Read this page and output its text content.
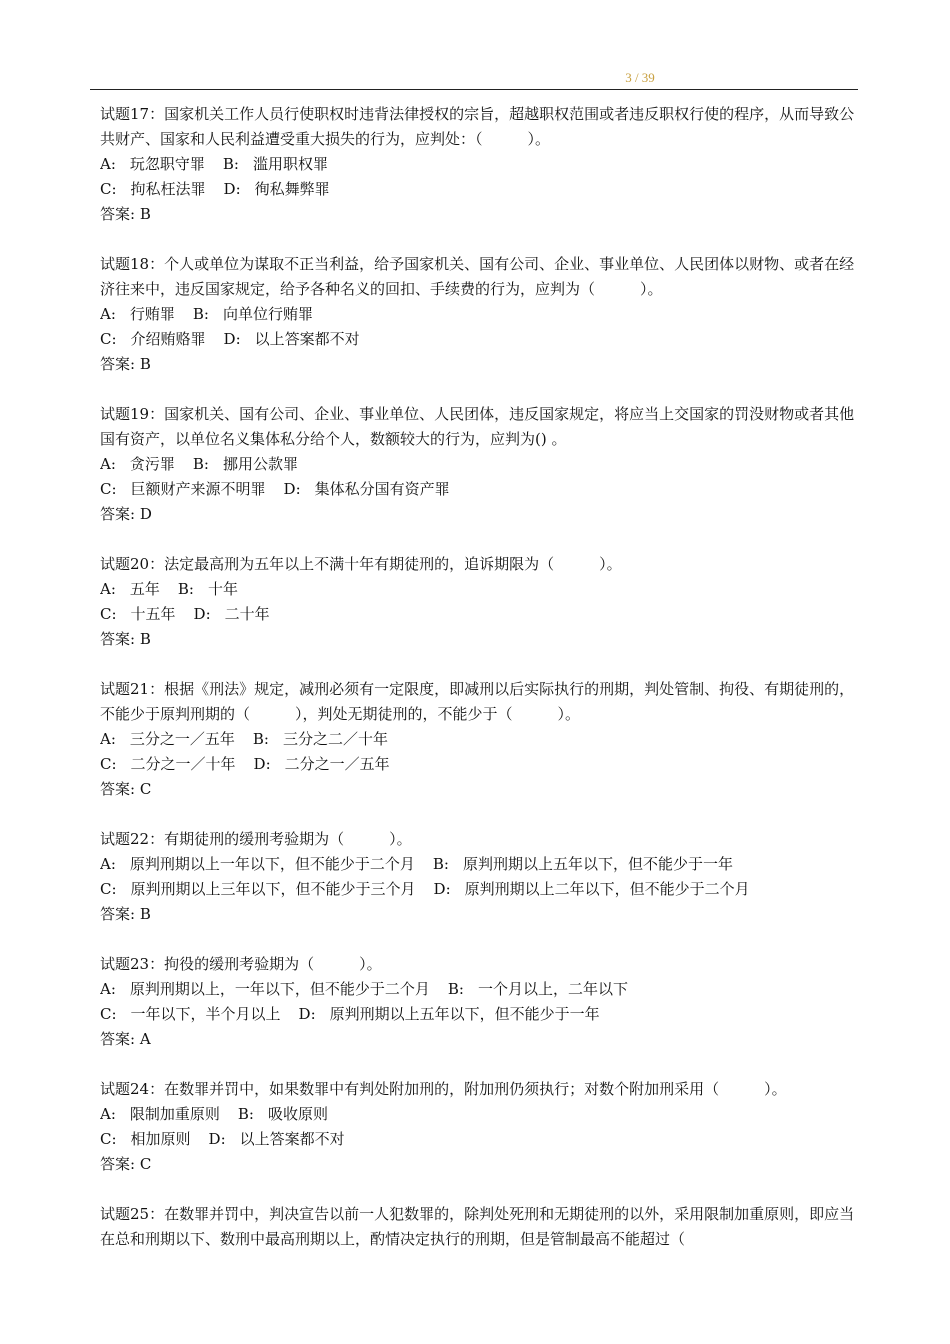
3 / 39
试题17：国家机关工作人员行使职权时违背法律授权的宗旨，超越职权范围或者违反职权行使的程序，从而导致公共财产、国家和人民利益遭受重大损失的行为，应判处：（　　　）。
A: 玩忽职守罪 B: 滥用职权罪
C: 拘私枉法罪 D: 徇私舞弊罪
答案: B
试题18：个人或单位为谋取不正当利益，给予国家机关、国有公司、企业、事业单位、人民团体以财物、或者在经济往来中，违反国家规定，给予各种名义的回扣、手续费的行为，应判为（　　　）。
A: 行贿罪 B: 向单位行贿罪
C: 介绍贿赂罪 D: 以上答案都不对
答案: B
试题19：国家机关、国有公司、企业、事业单位、人民团体，违反国家规定，将应当上交国家的罚没财物或者其他国有资产，以单位名义集体私分给个人，数额较大的行为，应判为() 。
A: 贪污罪 B: 挪用公款罪
C: 巨额财产来源不明罪 D: 集体私分国有资产罪
答案: D
试题20：法定最高刑为五年以上不满十年有期徒刑的，追诉期限为（　　　）。
A: 五年 B: 十年
C: 十五年 D: 二十年
答案: B
试题21：根据《刑法》规定，减刑必须有一定限度，即减刑以后实际执行的刑期，判处管制、拘役、有期徒刑的，不能少于原判刑期的（　　　），判处无期徒刑的，不能少于（　　　）。
A: 三分之一／五年 B: 三分之二／十年
C: 二分之一／十年 D: 二分之一／五年
答案: C
试题22：有期徒刑的缓刑考验期为（　　　）。
A: 原判刑期以上一年以下，但不能少于二个月 B: 原判刑期以上五年以下，但不能少于一年
C: 原判刑期以上三年以下，但不能少于三个月 D: 原判刑期以上二年以下，但不能少于二个月
答案: B
试题23：拘役的缓刑考验期为（　　　）。
A: 原判刑期以上，一年以下，但不能少于二个月 B: 一个月以上，二年以下
C: 一年以下，半个月以上 D: 原判刑期以上五年以下，但不能少于一年
答案: A
试题24：在数罪并罚中，如果数罪中有判处附加刑的，附加刑仍须执行；对数个附加刑采用（　　　）。
A: 限制加重原则 B: 吸收原则
C: 相加原则 D: 以上答案都不对
答案: C
试题25：在数罪并罚中，判决宣告以前一人犯数罪的，除判处死刑和无期徒刑的以外，采用限制加重原则，即应当在总和刑期以下、数刑中最高刑期以上，酌情决定执行的刑期，但是管制最高不能超过（
